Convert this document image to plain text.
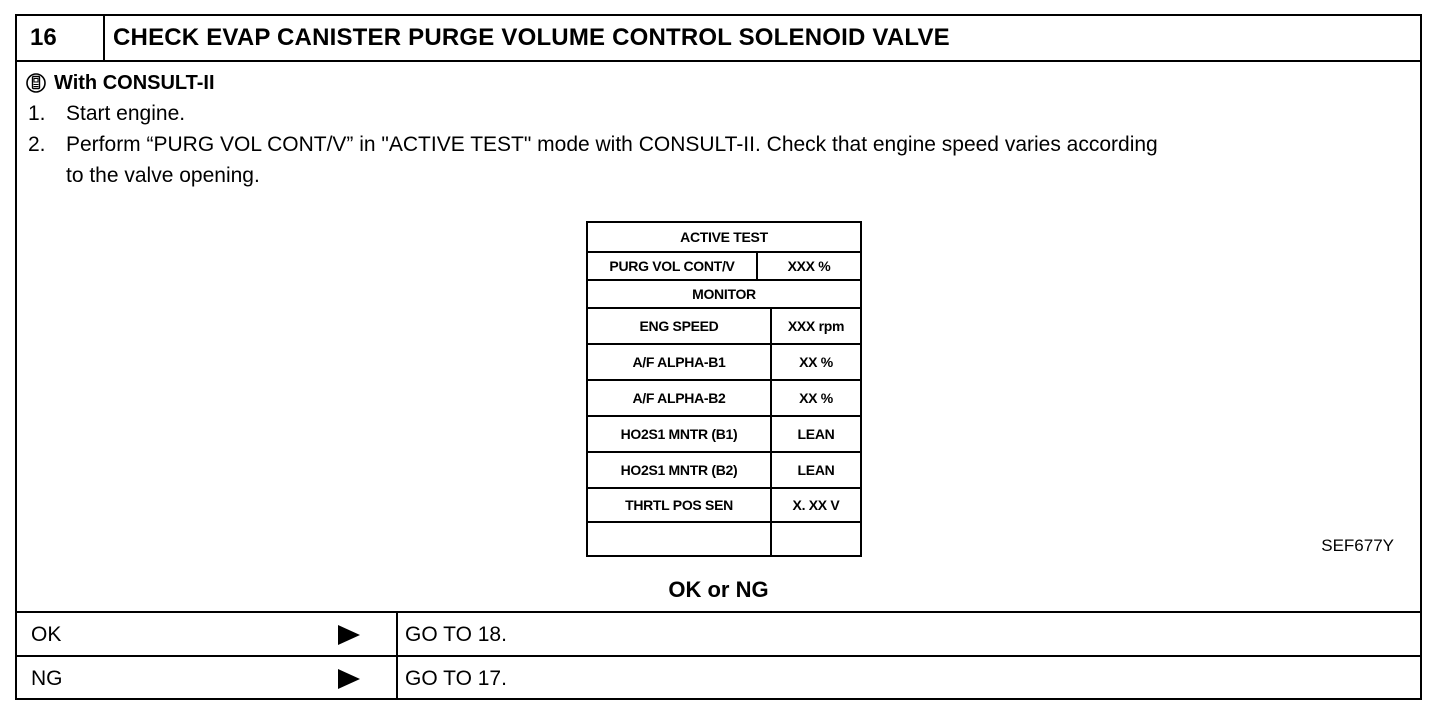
16	CHECK EVAP CANISTER PURGE VOLUME CONTROL SOLENOID VALVE
With CONSULT-II
1. Start engine.
2. Perform “PURG VOL CONT/V” in "ACTIVE TEST" mode with CONSULT-II. Check that engine speed varies according
to the valve opening.
ACTIVE TEST
PURG VOL CONT/V	XXX %
MONITOR
ENG SPEED	XXX rpm
A/F ALPHA-B1	XX %
A/F ALPHA-B2	XX %
HO2S1 MNTR (B1)	LEAN
HO2S1 MNTR (B2)	LEAN
THRTL POS SEN	X. XX V
SEF677Y
OK or NG
OK	GO TO 18.
NG	GO TO 17.
